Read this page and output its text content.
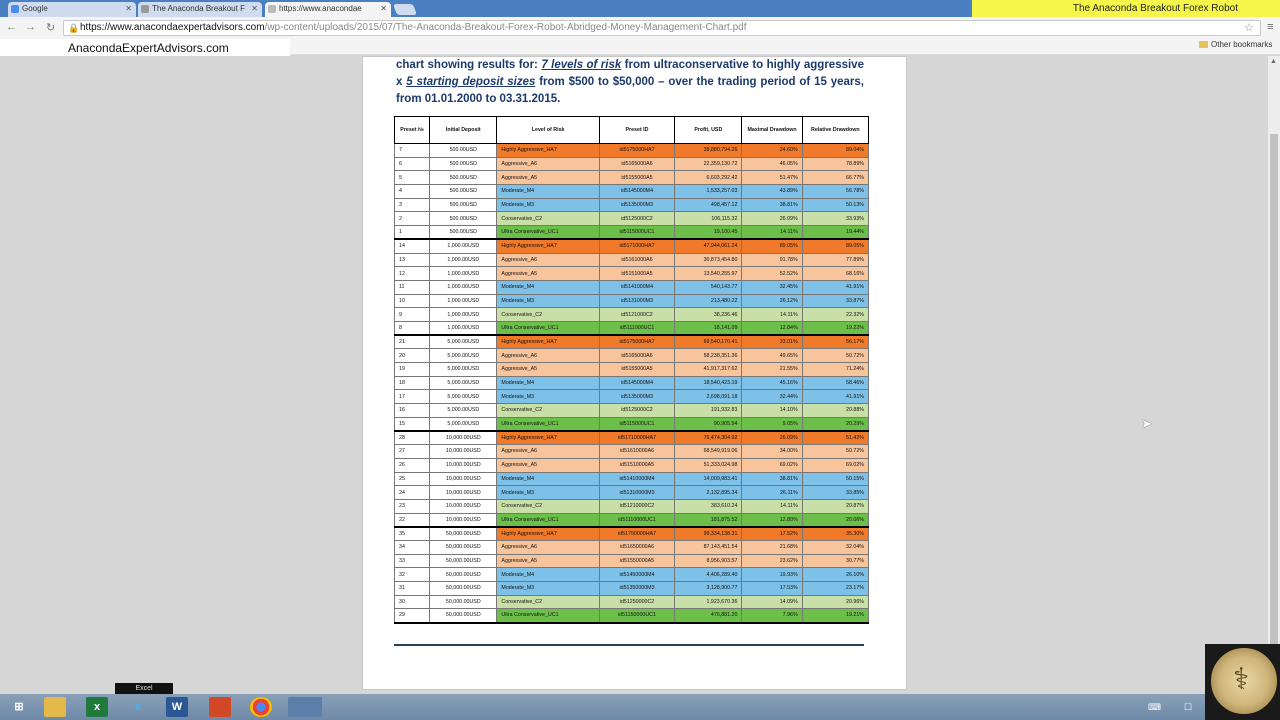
Google	✕	The Anaconda Breakout F ✕	https://www.anacondae ✕	The Anaconda Breakout Forex Robot
← → ↻ 🔒 https://www.anacondaexpertadvisors.com/wp-content/uploads/2015/07/The-Anaconda-Breakout-Forex-Robot-Abridged-Money-Management-Chart.pdf	☆ ≡
AnacondaExpertAdvisors.com	Other bookmarks
chart showing results for: 7 levels of risk from ultraconservative to highly aggressive x 5 starting deposit sizes from $500 to $50,000 – over the trading period of 15 years, from 01.01.2000 to 03.31.2015.
Preset №	Initial Deposit	Level of Risk	Preset ID	Profit, USD	Maximal Drawdown	Relative Drawdown
7	500.00USD	Highly Aggressive_HA7	id5175000HA7	38,880,794.26	24.60%	89.04%
6	500.00USD	Aggressive_A6	id5165000A6	22,359,130.72	46.05%	78.89%
5	500.00USD	Aggressive_A5	id5155000A5	6,603,292.42	51.47%	66.77%
4	500.00USD	Moderate_M4	id5145000M4	1,533,257.03	43.89%	56.78%
3	500.00USD	Moderate_M3	id5135000M3	498,457.12	38.81%	50.13%
2	500.00USD	Conservative_C2	id5125000C2	106,115.32	26.09%	33.93%
1	500.00USD	Ultra Conservative_UC1	id5115000UC1	19,100.45	14.11%	19.44%
14	1,000.00USD	Highly Aggressive_HA7	id5171000HA7	47,944,061.24	89.05%	89.05%
13	1,000.00USD	Aggressive_A6	id5161000A6	30,873,454.80	91.78%	77.89%
12	1,000.00USD	Aggressive_A5	id5151000A5	13,540,255.97	52.52%	68.16%
11	1,000.00USD	Moderate_M4	id5141000M4	540,143.77	32.45%	41.91%
10	1,000.00USD	Moderate_M3	id5131000M3	213,480.22	26.12%	33.87%
9	1,000.00USD	Conservative_C2	id5121000C2	38,236.46	14.11%	22.32%
8	1,000.00USD	Ultra Conservative_UC1	id5111000UC1	18,141.09	12.84%	19.22%
21	5,000.00USD	Highly Aggressive_HA7	id5175000HA7	69,540,170.41	33.01%	56.17%
20	5,000.00USD	Aggressive_A6	id5165000A6	58,238,351.36	49.65%	50.72%
19	5,000.00USD	Aggressive_A5	id5155000A5	41,917,317.62	21.55%	71.24%
18	5,000.00USD	Moderate_M4	id5145000M4	18,540,423.19	45.16%	58.46%
17	5,000.00USD	Moderate_M3	id5135000M3	2,698,091.18	32.44%	41.91%
16	5,000.00USD	Conservative_C2	id5125000C2	191,932.83	14.10%	20.88%
15	5,000.00USD	Ultra Conservative_UC1	id5115000UC1	90,905.94	9.05%	20.29%
28	10,000.00USD	Highly Aggressive_HA7	id51710000HA7	76,474,304.92	26.09%	51.42%
27	10,000.00USD	Aggressive_A6	id51610000A6	68,549,919.06	34.00%	50.72%
26	10,000.00USD	Aggressive_A5	id51510000A5	51,333,024.98	69.02%	69.02%
25	10,000.00USD	Moderate_M4	id51410000M4	14,009,983.41	38.81%	50.15%
24	10,000.00USD	Moderate_M3	id51310000M3	2,132,895.34	26.11%	33.85%
23	10,000.00USD	Conservative_C2	id51210000C2	383,610.24	14.11%	20.87%
22	10,000.00USD	Ultra Conservative_UC1	id51110000UC1	181,875.52	12.80%	20.06%
35	50,000.00USD	Highly Aggressive_HA7	id51750000HA7	99,334,138.31	17.52%	35.30%
34	50,000.00USD	Aggressive_A6	id51650000A6	87,143,451.54	21.68%	32.04%
33	50,000.00USD	Aggressive_A5	id51550000A5	8,956,903.57	23.62%	30.77%
32	50,000.00USD	Moderate_M4	id51450000M4	4,406,289.40	19.93%	26.10%
31	50,000.00USD	Moderate_M3	id51350000M3	3,128,900.77	17.53%	23.17%
30	50,000.00USD	Conservative_C2	id51250000C2	1,923,670.36	14.09%	20.96%
29	50,000.00USD	Ultra Conservative_UC1	id51150000UC1	476,881.20	7.96%	19.21%
➤
▲
Excel
⊞	x	e	W	⌨	☐
⚕
